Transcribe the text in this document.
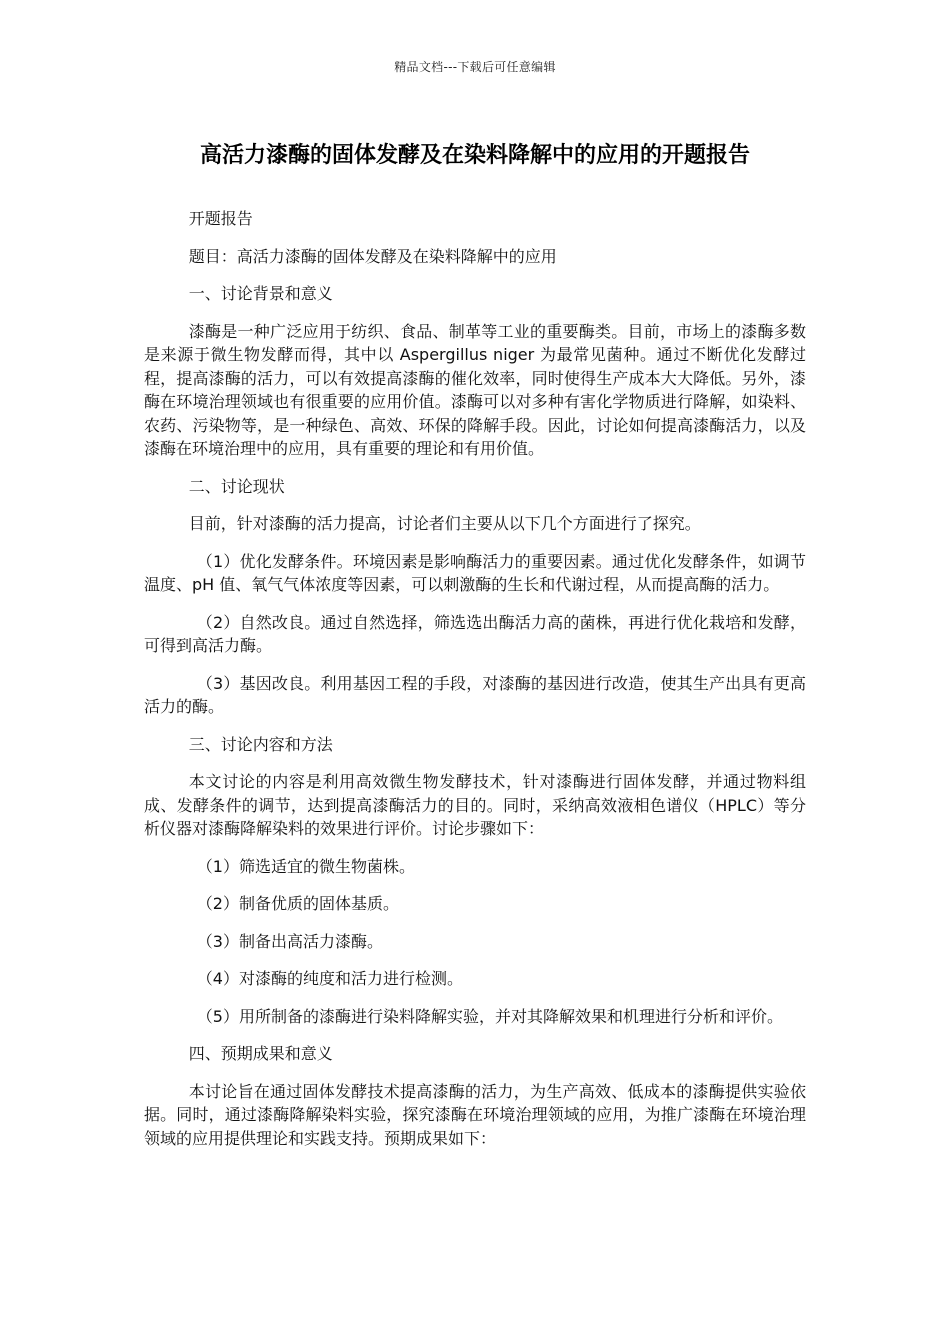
精品文档---下载后可任意编辑
高活力漆酶的固体发酵及在染料降解中的应用的开题报告

开题报告

题目：高活力漆酶的固体发酵及在染料降解中的应用

一、讨论背景和意义

漆酶是一种广泛应用于纺织、食品、制革等工业的重要酶类。目前，市场上的漆酶多数是来源于微生物发酵而得，其中以 Aspergillus niger 为最常见菌种。通过不断优化发酵过程，提高漆酶的活力，可以有效提高漆酶的催化效率，同时使得生产成本大大降低。另外，漆酶在环境治理领域也有很重要的应用价值。漆酶可以对多种有害化学物质进行降解，如染料、农药、污染物等，是一种绿色、高效、环保的降解手段。因此，讨论如何提高漆酶活力，以及漆酶在环境治理中的应用，具有重要的理论和有用价值。

二、讨论现状

目前，针对漆酶的活力提高，讨论者们主要从以下几个方面进行了探究。

（1）优化发酵条件。环境因素是影响酶活力的重要因素。通过优化发酵条件，如调节温度、pH 值、氧气气体浓度等因素，可以刺激酶的生长和代谢过程，从而提高酶的活力。

（2）自然改良。通过自然选择，筛选选出酶活力高的菌株，再进行优化栽培和发酵，可得到高活力酶。

（3）基因改良。利用基因工程的手段，对漆酶的基因进行改造，使其生产出具有更高活力的酶。

三、讨论内容和方法

本文讨论的内容是利用高效微生物发酵技术，针对漆酶进行固体发酵，并通过物料组成、发酵条件的调节，达到提高漆酶活力的目的。同时，采纳高效液相色谱仪（HPLC）等分析仪器对漆酶降解染料的效果进行评价。讨论步骤如下：

（1）筛选适宜的微生物菌株。

（2）制备优质的固体基质。

（3）制备出高活力漆酶。

（4）对漆酶的纯度和活力进行检测。

（5）用所制备的漆酶进行染料降解实验，并对其降解效果和机理进行分析和评价。

四、预期成果和意义

本讨论旨在通过固体发酵技术提高漆酶的活力，为生产高效、低成本的漆酶提供实验依据。同时，通过漆酶降解染料实验，探究漆酶在环境治理领域的应用，为推广漆酶在环境治理领域的应用提供理论和实践支持。预期成果如下：
